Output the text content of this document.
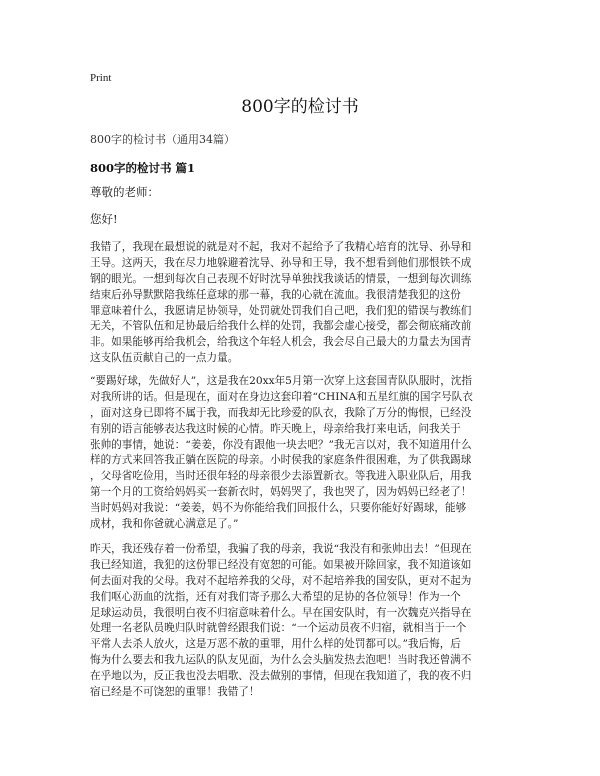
Print
800字的检讨书
800字的检讨书（通用34篇）
800字的检讨书 篇1
尊敬的老师：
您好!
我错了，我现在最想说的就是对不起，我对不起给予了我精心培育的沈导、孙导和
王导。这两天，我在尽力地躲避着沈导、孙导和王导，我不想看到他们那恨铁不成
钢的眼光。一想到每次自己表现不好时沈导单独找我谈话的情景，一想到每次训练
结束后孙导默默陪我练任意球的那一幕，我的心就在流血。我很清楚我犯的这份
罪意味着什么，我愿请足协领导，处罚就处罚我们自己吧，我们犯的错误与教练们
无关，不管队伍和足协最后给我什么样的处罚，我都会虚心接受，都会彻底痛改前
非。如果能够再给我机会，给我这个年轻人机会，我会尽自己最大的力量去为国青
这支队伍贡献自己的一点力量。
“要踢好球，先做好人”，这是我在20xx年5月第一次穿上这套国青队队服时，沈指
对我所讲的话。但是现在，面对在身边这套印着“CHINA和五星红旗的国字号队衣
，面对这身已即将不属于我，而我却无比珍爱的队衣，我除了万分的悔恨，已经没
有别的语言能够表达我这时候的心情。昨天晚上，母亲给我打来电话，问我关于
张帅的事情，她说：“姜姜，你没有跟他一块去吧？”我无言以对，我不知道用什么
样的方式来回答我正躺在医院的母亲。小时侯我的家庭条件很困难，为了供我踢球
，父母省吃俭用，当时还很年轻的母亲很少去添置新衣。等我进入职业队后，用我
第一个月的工资给妈妈买一套新衣时，妈妈哭了，我也哭了，因为妈妈已经老了！
当时妈妈对我说：“姜姜，妈不为你能给我们回报什么，只要你能好好踢球，能够
成材，我和你爸就心满意足了。”
昨天，我还残存着一份希望，我骗了我的母亲，我说“我没有和张帅出去！”但现在
我已经知道，我犯的这份罪已经没有宽恕的可能。如果被开除回家，我不知道该如
何去面对我的父母。我对不起培养我的父母，对不起培养我的国安队，更对不起为
我们呕心沥血的沈指，还有对我们寄予那么大希望的足协的各位领导！作为一个
足球运动员，我很明白夜不归宿意味着什么。早在国安队时，有一次魏克兴指导在
处理一名老队员晚归队时就曾经跟我们说：“一个运动员夜不归宿，就相当于一个
平常人去杀人放火，这是万恶不赦的重罪，用什么样的处罚都可以。”我后悔，后
悔为什么要去和我九运队的队友见面，为什么会头脑发热去泡吧！当时我还曾满不
在乎地以为，反正我也没去唱歌、没去做别的事情，但现在我知道了，我的夜不归
宿已经是不可饶恕的重罪！我错了！
